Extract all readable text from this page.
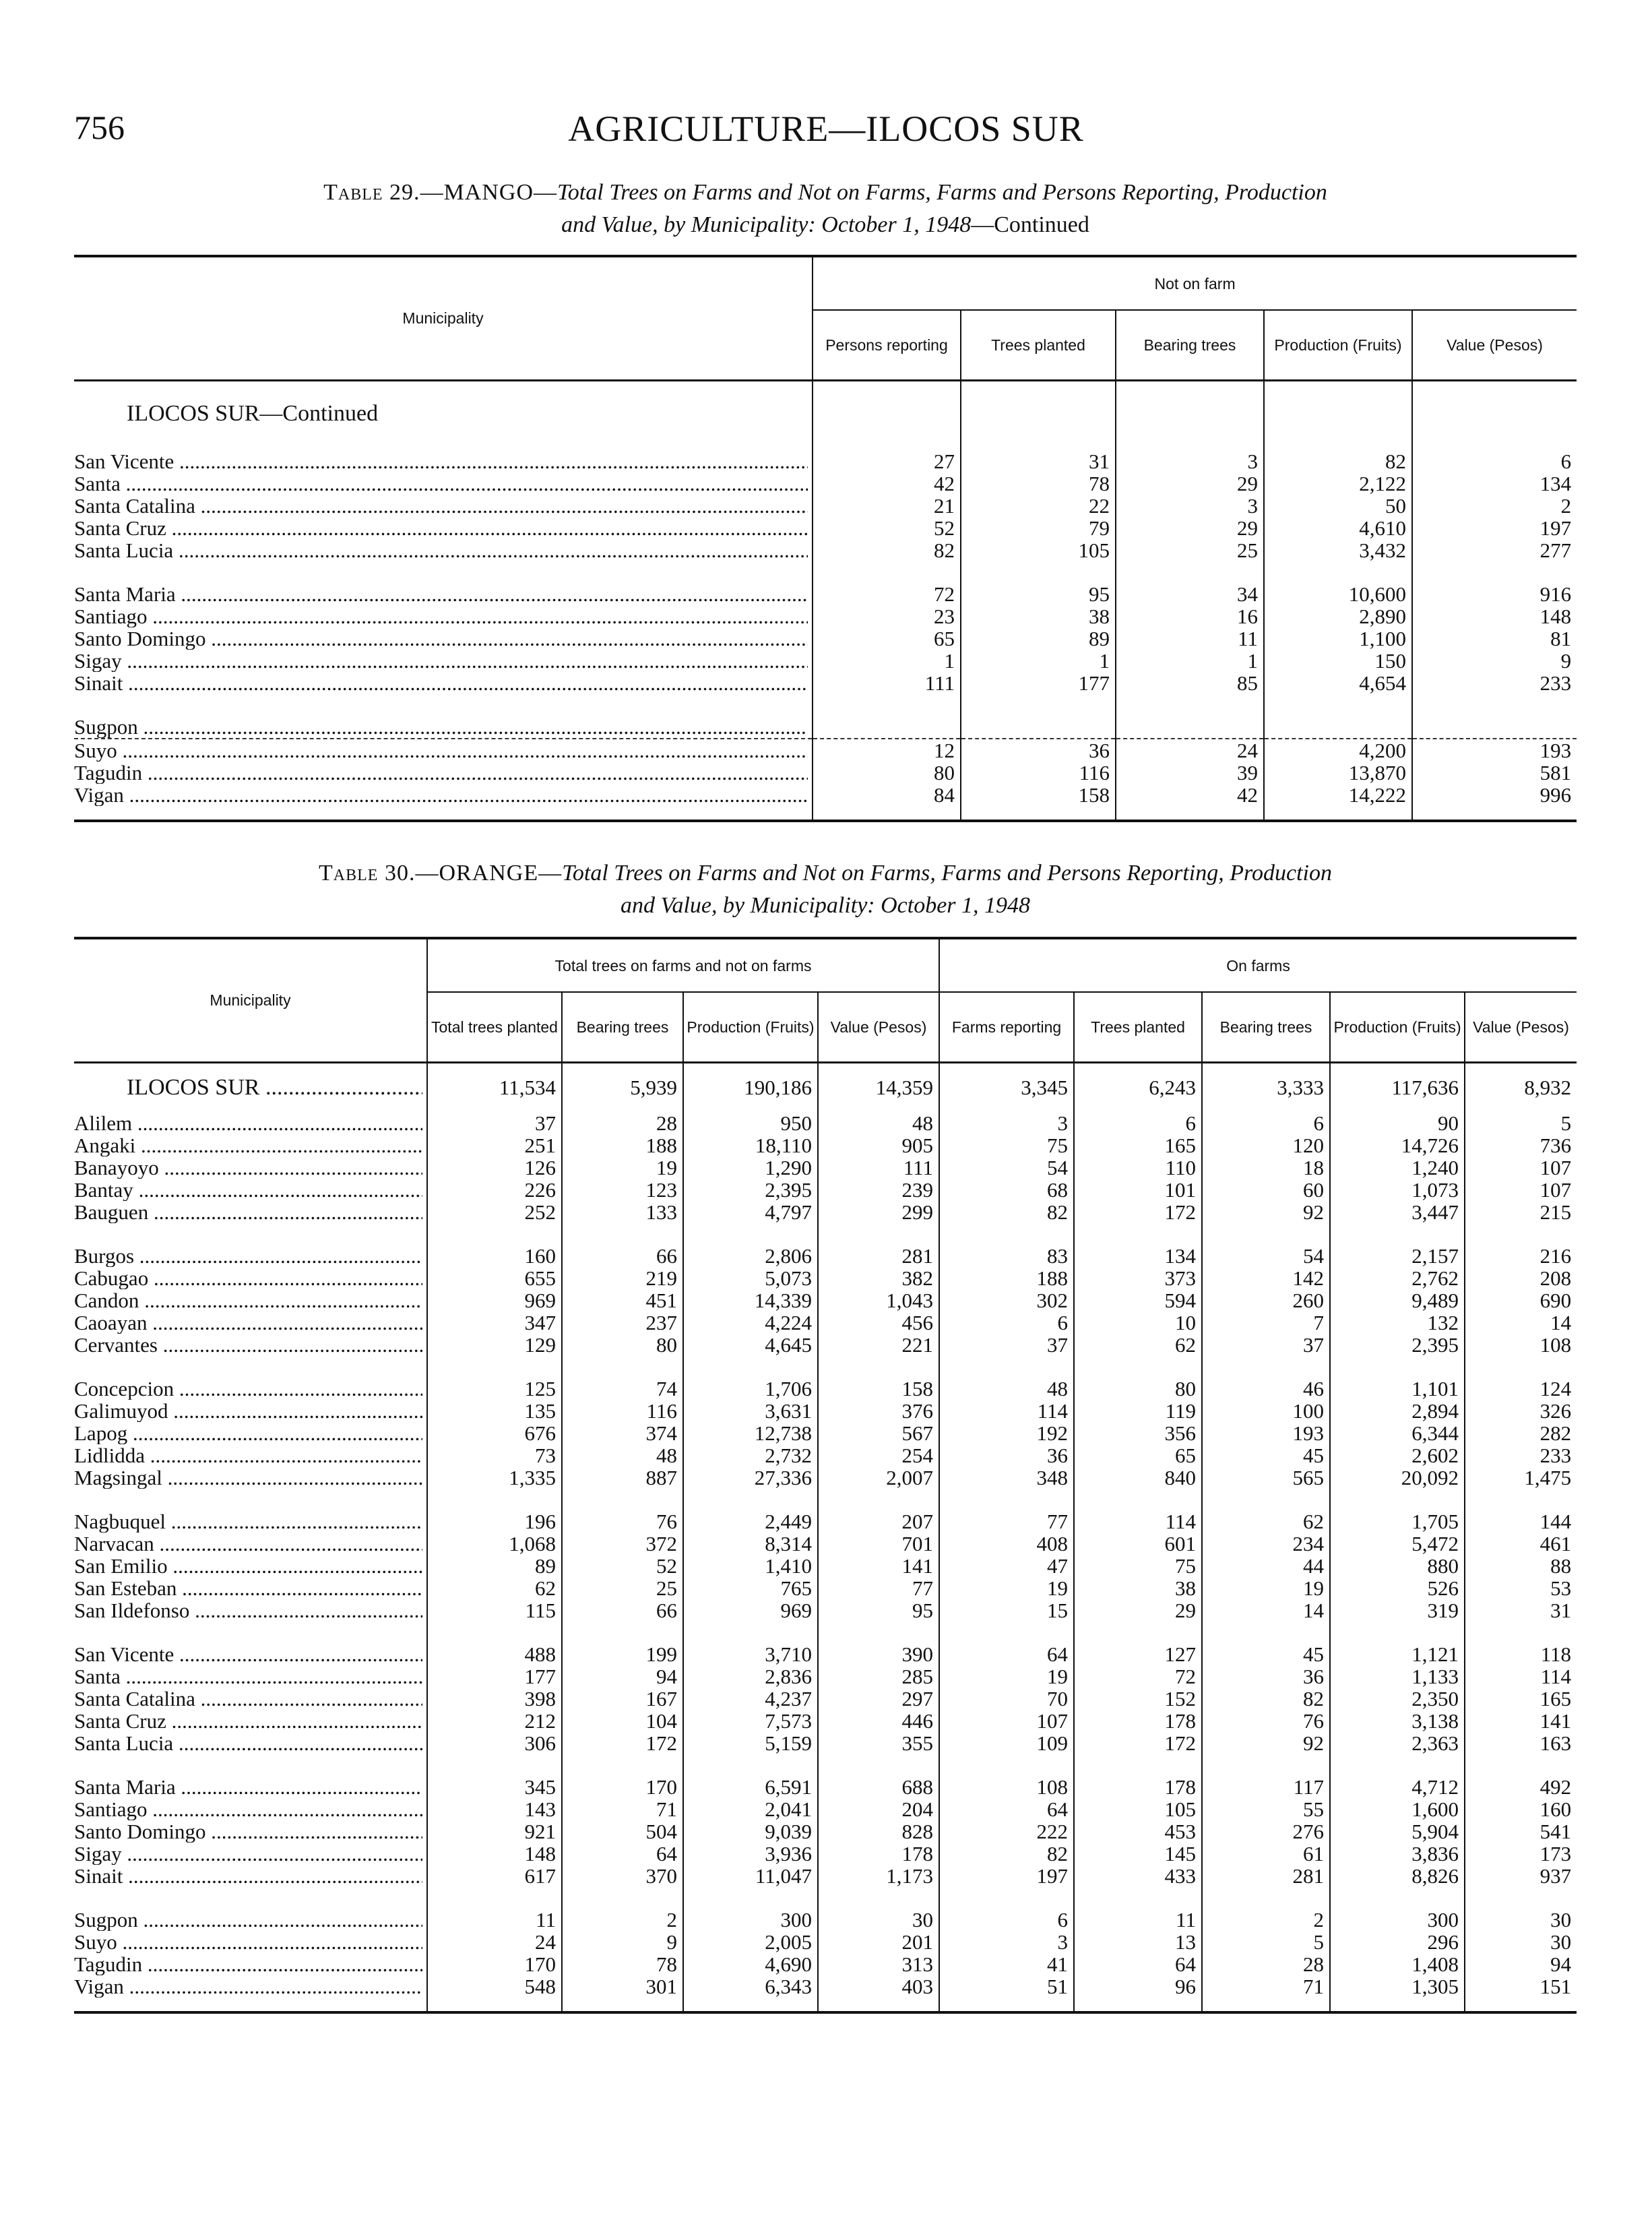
756	AGRICULTURE—ILOCOS SUR
Table 29.—MANGO—Total Trees on Farms and Not on Farms, Farms and Persons Reporting, Production
and Value, by Municipality: October 1, 1948—Continued
Municipality	Not on farm				
	Persons reporting	Trees planted	Bearing trees	Production (Fruits)	Value (Pesos)

ILOCOS SUR—Continued					

San Vicente .....	27	31	3	82	6

Santa .....	42	78	29	2,122	134

Santa Catalina .....	21	22	3	50	2

Santa Cruz .....	52	79	29	4,610	197

Santa Lucia .....	82	105	25	3,432	277

Santa Maria .....	72	95	34	10,600	916

Santiago .....	23	38	16	2,890	148

Santo Domingo .....	65	89	11	1,100	81

Sigay .....	1	1	1	150	9

Sinait .....	111	177	85	4,654	233

Sugpon .....

Suyo .....	12	36	24	4,200	193

Tagudin .....	80	116	39	13,870	581

Vigan .....	84	158	42	14,222	996

Table 30.—ORANGE—Total Trees on Farms and Not on Farms, Farms and Persons Reporting, Production
and Value, by Municipality: October 1, 1948
Municipality	Total trees on farms and not on farms				On farms				
	Total trees planted	Bearing trees	Production (Fruits)	Value (Pesos)	Farms reporting	Trees planted	Bearing trees	Production (Fruits)	Value (Pesos)

ILOCOS SUR .....	11,534	5,939	190,186	14,359	3,345	6,243	3,333	117,636	8,932

Alilem .....	37	28	950	48	3	6	6	90	5

Angaki .....	251	188	18,110	905	75	165	120	14,726	736

Banayoyo .....	126	19	1,290	111	54	110	18	1,240	107

Bantay .....	226	123	2,395	239	68	101	60	1,073	107

Bauguen .....	252	133	4,797	299	82	172	92	3,447	215

Burgos .....	160	66	2,806	281	83	134	54	2,157	216

Cabugao .....	655	219	5,073	382	188	373	142	2,762	208

Candon .....	969	451	14,339	1,043	302	594	260	9,489	690

Caoayan .....	347	237	4,224	456	6	10	7	132	14

Cervantes .....	129	80	4,645	221	37	62	37	2,395	108

Concepcion .....	125	74	1,706	158	48	80	46	1,101	124

Galimuyod .....	135	116	3,631	376	114	119	100	2,894	326

Lapog .....	676	374	12,738	567	192	356	193	6,344	282

Lidlidda .....	73	48	2,732	254	36	65	45	2,602	233

Magsingal .....	1,335	887	27,336	2,007	348	840	565	20,092	1,475

Nagbuquel .....	196	76	2,449	207	77	114	62	1,705	144

Narvacan .....	1,068	372	8,314	701	408	601	234	5,472	461

San Emilio .....	89	52	1,410	141	47	75	44	880	88

San Esteban .....	62	25	765	77	19	38	19	526	53

San Ildefonso .....	115	66	969	95	15	29	14	319	31

San Vicente .....	488	199	3,710	390	64	127	45	1,121	118

Santa .....	177	94	2,836	285	19	72	36	1,133	114

Santa Catalina .....	398	167	4,237	297	70	152	82	2,350	165

Santa Cruz .....	212	104	7,573	446	107	178	76	3,138	141

Santa Lucia .....	306	172	5,159	355	109	172	92	2,363	163

Santa Maria .....	345	170	6,591	688	108	178	117	4,712	492

Santiago .....	143	71	2,041	204	64	105	55	1,600	160

Santo Domingo .....	921	504	9,039	828	222	453	276	5,904	541

Sigay .....	148	64	3,936	178	82	145	61	3,836	173

Sinait .....	617	370	11,047	1,173	197	433	281	8,826	937

Sugpon .....	11	2	300	30	6	11	2	300	30

Suyo .....	24	9	2,005	201	3	13	5	296	30

Tagudin .....	170	78	4,690	313	41	64	28	1,408	94

Vigan .....	548	301	6,343	403	51	96	71	1,305	151
